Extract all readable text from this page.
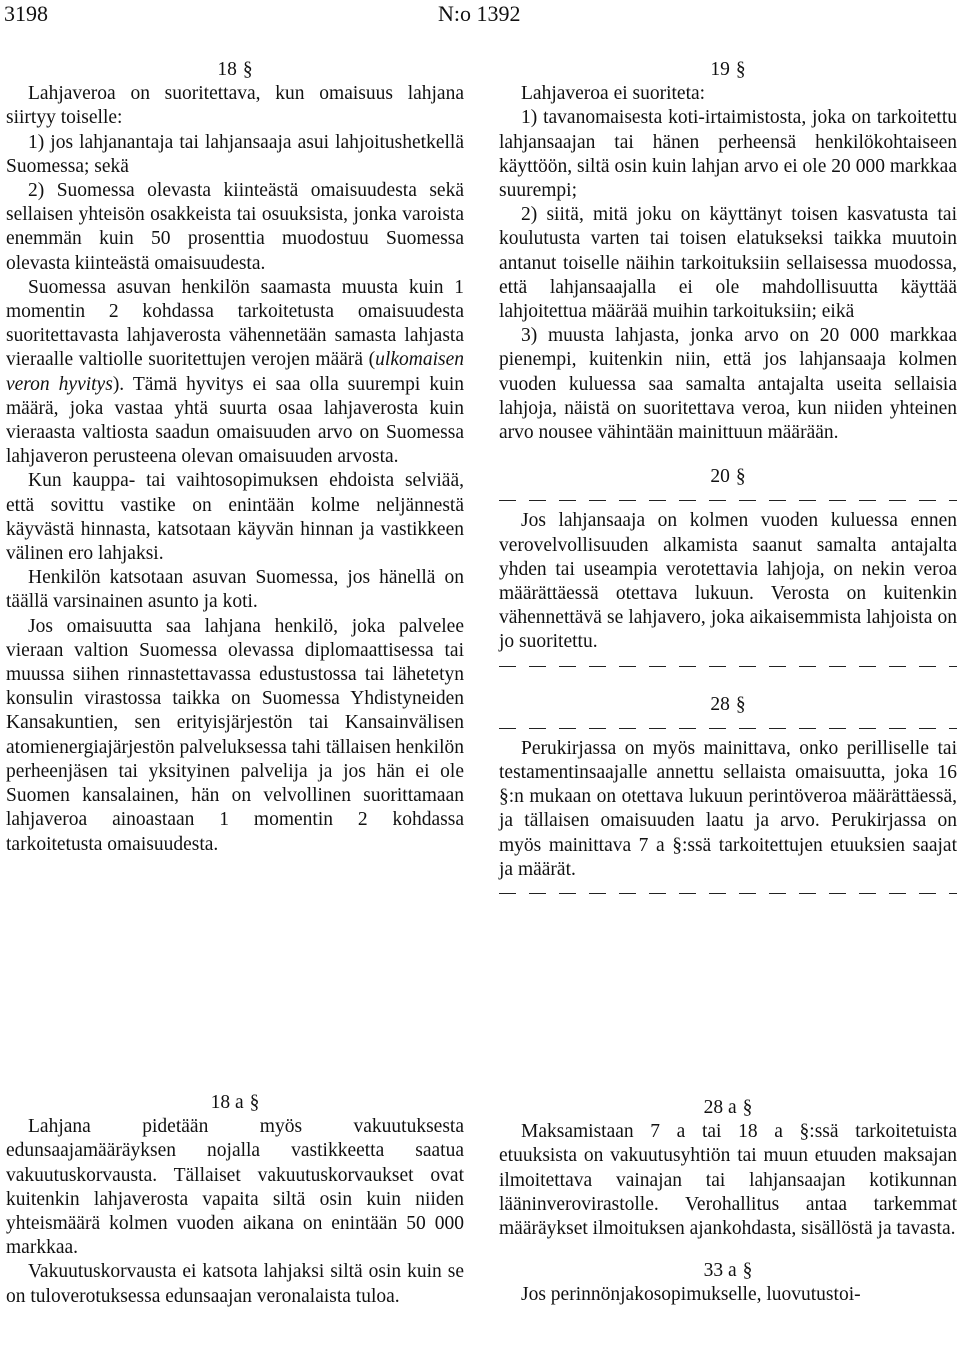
3198	N:o 1392
18 §

Lahjaveroa on suoritettava, kun omaisuus lahjana siirtyy toiselle:

1) jos lahjanantaja tai lahjansaaja asui lahjoitushetkellä Suomessa; sekä

2) Suomessa olevasta kiinteästä omaisuudesta sekä sellaisen yhteisön osakkeista tai osuuksista, jonka varoista enemmän kuin 50 prosenttia muodostuu Suomessa olevasta kiinteästä omaisuudesta.

Suomessa asuvan henkilön saamasta muusta kuin 1 momentin 2 kohdassa tarkoitetusta omaisuudesta suoritettavasta lahjaverosta vähennetään samasta lahjasta vieraalle valtiolle suoritettujen verojen määrä (ulkomaisen veron hyvitys). Tämä hyvitys ei saa olla suurempi kuin määrä, joka vastaa yhtä suurta osaa lahjaverosta kuin vieraasta valtiosta saadun omaisuuden arvo on Suomessa lahjaveron perusteena olevan omaisuuden arvosta.

Kun kauppa- tai vaihtosopimuksen ehdoista selviää, että sovittu vastike on enintään kolme neljännestä käyvästä hinnasta, katsotaan käyvän hinnan ja vastikkeen välinen ero lahjaksi.

Henkilön katsotaan asuvan Suomessa, jos hänellä on täällä varsinainen asunto ja koti.

Jos omaisuutta saa lahjana henkilö, joka palvelee vieraan valtion Suomessa olevassa diplomaattisessa tai muussa siihen rinnastettavassa edustustossa tai lähetetyn konsulin virastossa taikka on Suomessa Yhdistyneiden Kansakuntien, sen erityisjärjestön tai Kansainvälisen atomienergiajärjestön palveluksessa tahi tällaisen henkilön perheenjäsen tai yksityinen palvelija ja jos hän ei ole Suomen kansalainen, hän on velvollinen suorittamaan lahjaveroa ainoastaan 1 momentin 2 kohdassa tarkoitetusta omaisuudesta.

19 §

Lahjaveroa ei suoriteta:

1) tavanomaisesta koti-irtaimistosta, joka on tarkoitettu lahjansaajan tai hänen perheensä henkilökohtaiseen käyttöön, siltä osin kuin lahjan arvo ei ole 20 000 markkaa suurempi;

2) siitä, mitä joku on käyttänyt toisen kasvatusta tai koulutusta varten tai toisen elatukseksi taikka muutoin antanut toiselle näihin tarkoituksiin sellaisessa muodossa, että lahjansaajalla ei ole mahdollisuutta käyttää lahjoitettua määrää muihin tarkoituksiin; eikä

3) muusta lahjasta, jonka arvo on 20 000 markkaa pienempi, kuitenkin niin, että jos lahjansaaja kolmen vuoden kuluessa saa samalta antajalta useita sellaisia lahjoja, näistä on suoritettava veroa, kun niiden yhteinen arvo nousee vähintään mainittuun määrään.

20 §

Jos lahjansaaja on kolmen vuoden kuluessa ennen verovelvollisuuden alkamista saanut samalta antajalta yhden tai useampia verotettavia lahjoja, on nekin veroa määrättäessä otettava lukuun. Verosta on kuitenkin vähennettävä se lahjavero, joka aikaisemmista lahjoista on jo suoritettu.

28 §

Perukirjassa on myös mainittava, onko perilliselle tai testamentinsaajalle annettu sellaista omaisuutta, joka 16 §:n mukaan on otettava lukuun perintöveroa määrättäessä, ja tällaisen omaisuuden laatu ja arvo. Perukirjassa on myös mainittava 7 a §:ssä tarkoitettujen etuuksien saajat ja määrät.

18 a §

Lahjana pidetään myös vakuutuksesta edunsaajamääräyksen nojalla vastikkeetta saatua vakuutuskorvausta. Tällaiset vakuutuskorvaukset ovat kuitenkin lahjaverosta vapaita siltä osin kuin niiden yhteismäärä kolmen vuoden aikana on enintään 50 000 markkaa.

Vakuutuskorvausta ei katsota lahjaksi siltä osin kuin se on tuloverotuksessa edunsaajan veronalaista tuloa.

28 a §

Maksamistaan 7 a tai 18 a §:ssä tarkoitetuista etuuksista on vakuutusyhtiön tai muun etuuden maksajan ilmoitettava vainajan tai lahjansaajan kotikunnan lääninverovirastolle. Verohallitus antaa tarkemmat määräykset ilmoituksen ajankohdasta, sisällöstä ja tavasta.

33 a §

Jos perinnönjakosopimukselle, luovutustoi-
